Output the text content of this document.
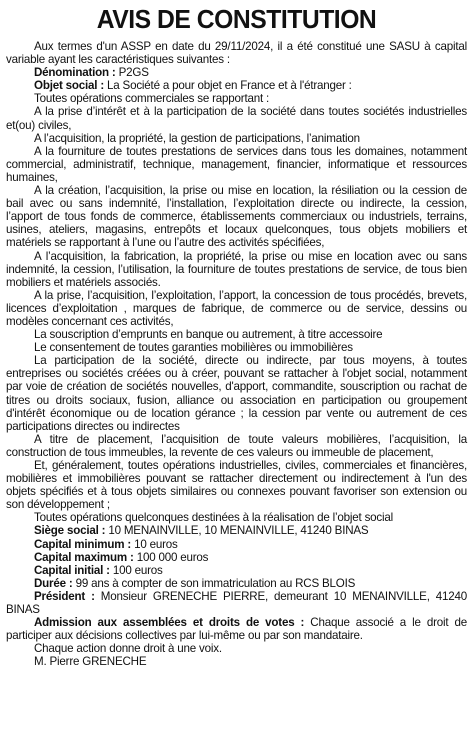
AVIS DE CONSTITUTION

Aux termes d'un ASSP en date du 29/11/2024, il a été constitué une SASU à capital variable ayant les caractéristiques suivantes :

Dénomination : P2GS

Objet social : La Société a pour objet en France et à l'étranger :

Toutes opérations commerciales se rapportant :

A la prise d’intérêt et à la participation de la société dans toutes sociétés industrielles et(ou) civiles,

A l’acquisition, la propriété, la gestion de participations, l’animation

A la fourniture de toutes prestations de services dans tous les domaines, notamment commercial, administratif, technique, management, financier, informatique et ressources humaines,

A la création, l’acquisition, la prise ou mise en location, la résiliation ou la cession de bail avec ou sans indemnité, l’installation, l’exploitation directe ou indirecte, la cession, l’apport de tous fonds de commerce, établissements commerciaux ou industriels, terrains, usines, ateliers, magasins, entrepôts et locaux quelconques, tous objets mobiliers et matériels se rapportant à l’une ou l’autre des activités spécifiées,

A l’acquisition, la fabrication, la propriété, la prise ou mise en location avec ou sans indemnité, la cession, l’utilisation, la fourniture de toutes prestations de service, de tous bien mobiliers et matériels associés.

A la prise, l’acquisition, l’exploitation, l’apport, la concession de tous procédés, brevets, licences d’exploitation , marques de fabrique, de commerce ou de service, dessins ou modèles concernant ces activités,

La souscription d’emprunts en banque ou autrement, à titre accessoire

Le consentement de toutes garanties mobilières ou immobilières

La participation de la société, directe ou indirecte, par tous moyens, à toutes entreprises ou sociétés créées ou à créer, pouvant se rattacher à l'objet social, notamment par voie de création de sociétés nouvelles, d'apport, commandite, souscription ou rachat de titres ou droits sociaux, fusion, alliance ou association en participation ou groupement d'intérêt économique ou de location gérance ; la cession par vente ou autrement de ces participations directes ou indirectes

A titre de placement, l’acquisition de toute valeurs mobilières, l’acquisition, la construction de tous immeubles, la revente de ces valeurs ou immeuble de placement,

Et, généralement, toutes opérations industrielles, civiles, commerciales et financières, mobilières et immobilières pouvant se rattacher directement ou indirectement à l'un des objets spécifiés et à tous objets similaires ou connexes pouvant favoriser son extension ou son développement ;

Toutes opérations quelconques destinées à la réalisation de l’objet social

Siège social : 10 MENAINVILLE, 10 MENAINVILLE, 41240 BINAS

Capital minimum : 10 euros

Capital maximum : 100 000 euros

Capital initial : 100 euros

Durée : 99 ans à compter de son immatriculation au RCS BLOIS

Président : Monsieur GRENECHE PIERRE, demeurant 10 MENAINVILLE, 41240 BINAS

Admission aux assemblées et droits de votes : Chaque associé a le droit de participer aux décisions collectives par lui-même ou par son mandataire.

Chaque action donne droit à une voix.

M. Pierre GRENECHE
